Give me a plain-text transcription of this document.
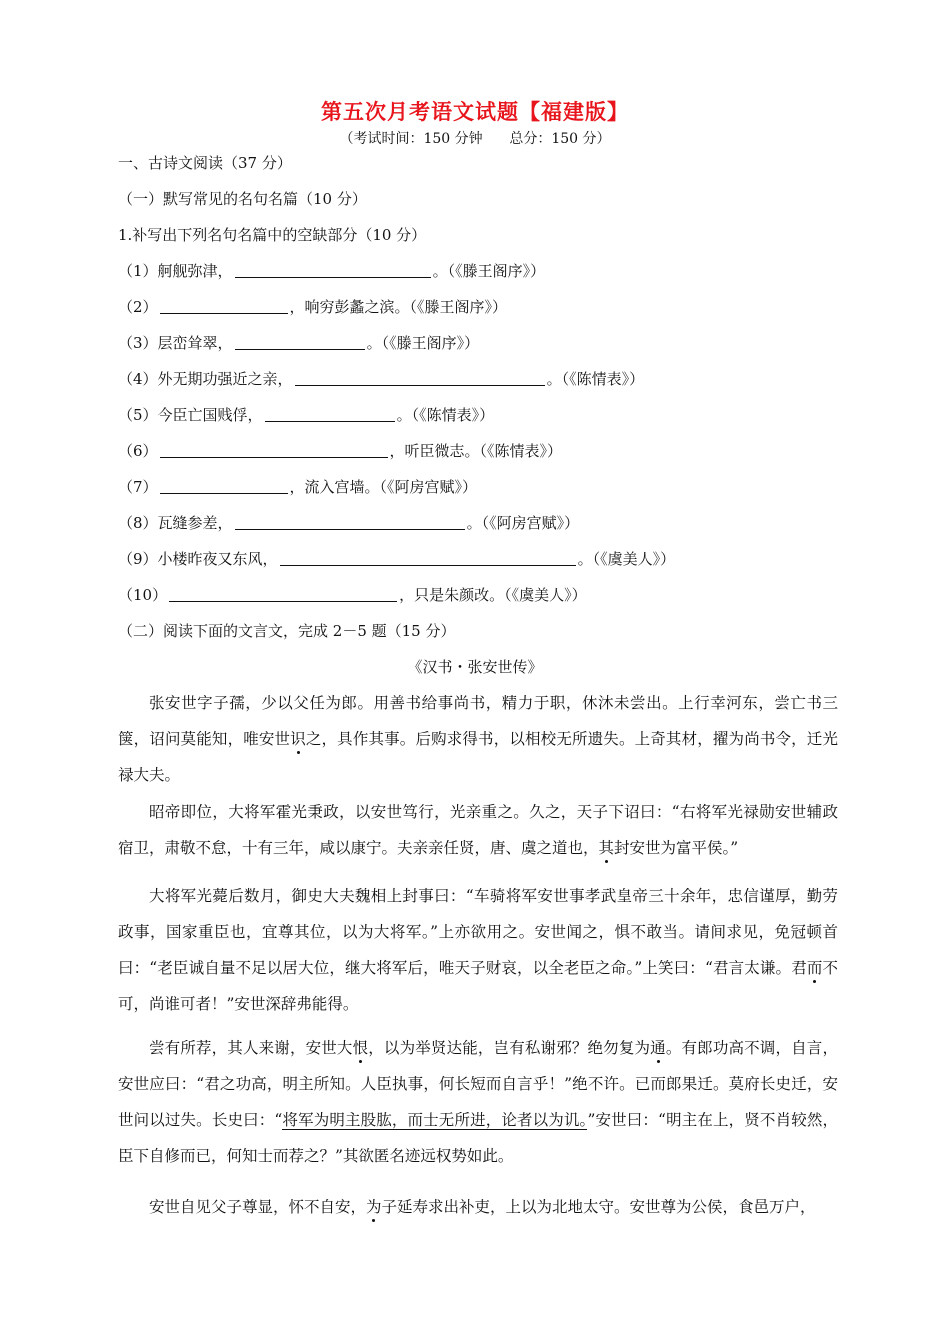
第五次月考语文试题【福建版】
（考试时间：150 分钟      总分：150 分）
一、古诗文阅读（37 分）
（一）默写常见的名句名篇（10 分）
1.补写出下列名句名篇中的空缺部分（10 分）
（1）舸舰弥津，	。（《滕王阁序》）
（2）	，响穷彭蠡之滨。（《滕王阁序》）
（3）层峦耸翠，	。（《滕王阁序》）
（4）外无期功强近之亲，	。（《陈情表》）
（5）今臣亡国贱俘，	。（《陈情表》）
（6）	，听臣微志。（《陈情表》）
（7）	，流入宫墙。（《阿房宫赋》）
（8）瓦缝参差，	。（《阿房宫赋》）
（9）小楼昨夜又东风，	。（《虞美人》）
（10）	，只是朱颜改。（《虞美人》）
（二）阅读下面的文言文，完成 2－5 题（15 分）
《汉书・张安世传》
张安世字子孺，少以父任为郎。用善书给事尚书，精力于职，休沐未尝出。上行幸河东，尝亡书三箧，诏问莫能知，唯安世识之，具作其事。后购求得书，以相校无所遗失。上奇其材，擢为尚书令，迁光禄大夫。
昭帝即位，大将军霍光秉政，以安世笃行，光亲重之。久之，天子下诏曰：“右将军光禄勋安世辅政宿卫，肃敬不怠，十有三年，咸以康宁。夫亲亲任贤，唐、虞之道也，其封安世为富平侯。”
大将军光薨后数月，御史大夫魏相上封事曰：“车骑将军安世事孝武皇帝三十余年，忠信谨厚，勤劳政事，国家重臣也，宜尊其位，以为大将军。”上亦欲用之。安世闻之，惧不敢当。请间求见，免冠顿首曰：“老臣诚自量不足以居大位，继大将军后，唯天子财哀，以全老臣之命。”上笑曰：“君言太谦。君而不可，尚谁可者！”安世深辞弗能得。
尝有所荐，其人来谢，安世大恨，以为举贤达能，岂有私谢邪？绝勿复为通。有郎功高不调，自言，安世应曰：“君之功高，明主所知。人臣执事，何长短而自言乎！”绝不许。已而郎果迁。莫府长史迁，安世问以过失。长史曰：“将军为明主股肱，而士无所进，论者以为讥。”安世曰：“明主在上，贤不肖较然，臣下自修而已，何知士而荐之？”其欲匿名迹远权势如此。
安世自见父子尊显，怀不自安，为子延寿求出补吏，上以为北地太守。安世尊为公侯，食邑万户，
